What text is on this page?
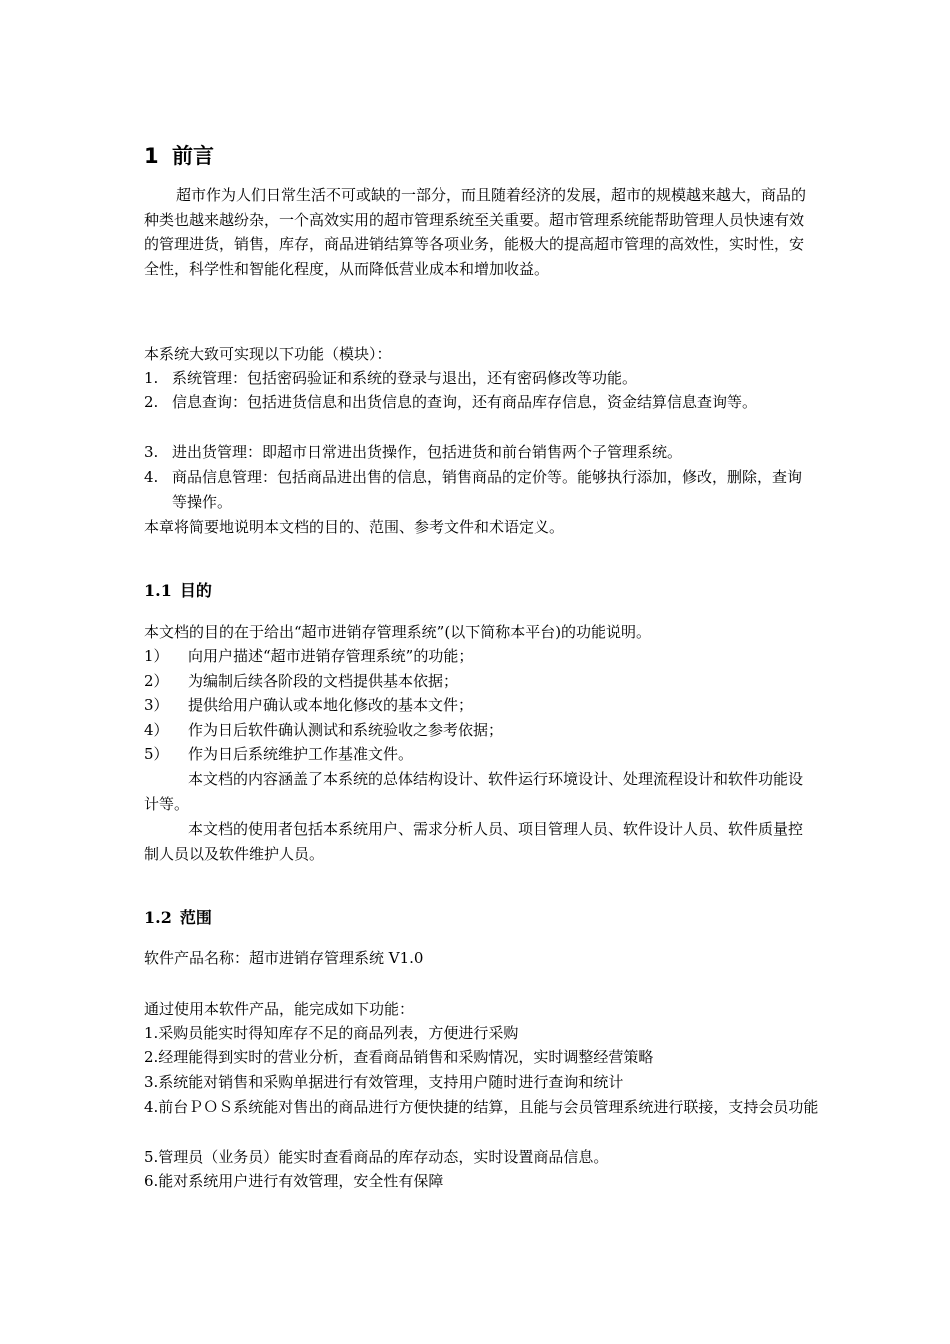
1 前言
超市作为人们日常生活不可或缺的一部分，而且随着经济的发展，超市的规模越来越大，商品的种类也越来越纷杂，一个高效实用的超市管理系统至关重要。超市管理系统能帮助管理人员快速有效的管理进货，销售，库存，商品进销结算等各项业务，能极大的提高超市管理的高效性，实时性，安全性，科学性和智能化程度，从而降低营业成本和增加收益。
本系统大致可实现以下功能（模块）：
1. 系统管理：包括密码验证和系统的登录与退出，还有密码修改等功能。
2. 信息查询：包括进货信息和出货信息的查询，还有商品库存信息，资金结算信息查询等。
3. 进出货管理：即超市日常进出货操作，包括进货和前台销售两个子管理系统。
4. 商品信息管理：包括商品进出售的信息，销售商品的定价等。能够执行添加，修改，删除，查询等操作。
本章将简要地说明本文档的目的、范围、参考文件和术语定义。
1.1 目的
本文档的目的在于给出“超市进销存管理系统”(以下简称本平台)的功能说明。
1） 向用户描述“超市进销存管理系统”的功能；
2） 为编制后续各阶段的文档提供基本依据；
3） 提供给用户确认或本地化修改的基本文件；
4） 作为日后软件确认测试和系统验收之参考依据；
5） 作为日后系统维护工作基准文件。
本文档的内容涵盖了本系统的总体结构设计、软件运行环境设计、处理流程设计和软件功能设计等。
本文档的使用者包括本系统用户、需求分析人员、项目管理人员、软件设计人员、软件质量控制人员以及软件维护人员。
1.2 范围
软件产品名称：超市进销存管理系统 V1.0
通过使用本软件产品，能完成如下功能：
1.采购员能实时得知库存不足的商品列表，方便进行采购
2.经理能得到实时的营业分析，查看商品销售和采购情况，实时调整经营策略
3.系统能对销售和采购单据进行有效管理，支持用户随时进行查询和统计
4.前台ＰＯＳ系统能对售出的商品进行方便快捷的结算，且能与会员管理系统进行联接，支持会员功能
5.管理员（业务员）能实时查看商品的库存动态，实时设置商品信息。
6.能对系统用户进行有效管理，安全性有保障
